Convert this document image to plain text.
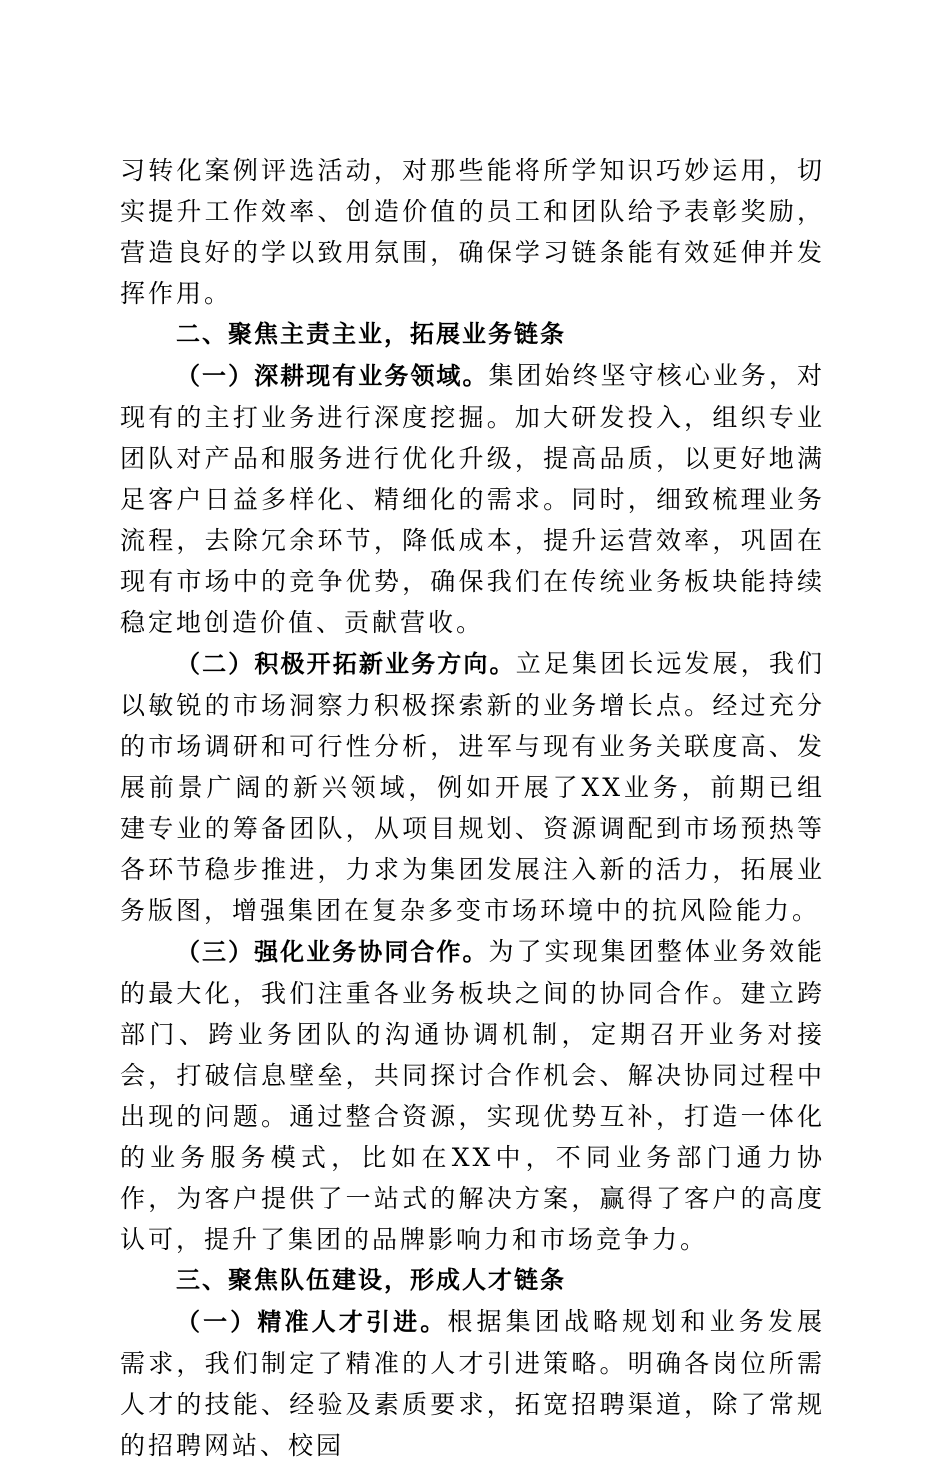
习转化案例评选活动，对那些能将所学知识巧妙运用，切实提升工作效率、创造价值的员工和团队给予表彰奖励，营造良好的学以致用氛围，确保学习链条能有效延伸并发挥作用。

二、聚焦主责主业，拓展业务链条

（一）深耕现有业务领域。集团始终坚守核心业务，对现有的主打业务进行深度挖掘。加大研发投入，组织专业团队对产品和服务进行优化升级，提高品质，以更好地满足客户日益多样化、精细化的需求。同时，细致梳理业务流程，去除冗余环节，降低成本，提升运营效率，巩固在现有市场中的竞争优势，确保我们在传统业务板块能持续稳定地创造价值、贡献营收。

（二）积极开拓新业务方向。立足集团长远发展，我们以敏锐的市场洞察力积极探索新的业务增长点。经过充分的市场调研和可行性分析，进军与现有业务关联度高、发展前景广阔的新兴领域，例如开展了XX业务，前期已组建专业的筹备团队，从项目规划、资源调配到市场预热等各环节稳步推进，力求为集团发展注入新的活力，拓展业务版图，增强集团在复杂多变市场环境中的抗风险能力。

（三）强化业务协同合作。为了实现集团整体业务效能的最大化，我们注重各业务板块之间的协同合作。建立跨部门、跨业务团队的沟通协调机制，定期召开业务对接会，打破信息壁垒，共同探讨合作机会、解决协同过程中出现的问题。通过整合资源，实现优势互补，打造一体化的业务服务模式，比如在XX中，不同业务部门通力协作，为客户提供了一站式的解决方案，赢得了客户的高度认可，提升了集团的品牌影响力和市场竞争力。

三、聚焦队伍建设，形成人才链条

（一）精准人才引进。根据集团战略规划和业务发展需求，我们制定了精准的人才引进策略。明确各岗位所需人才的技能、经验及素质要求，拓宽招聘渠道，除了常规的招聘网站、校园
